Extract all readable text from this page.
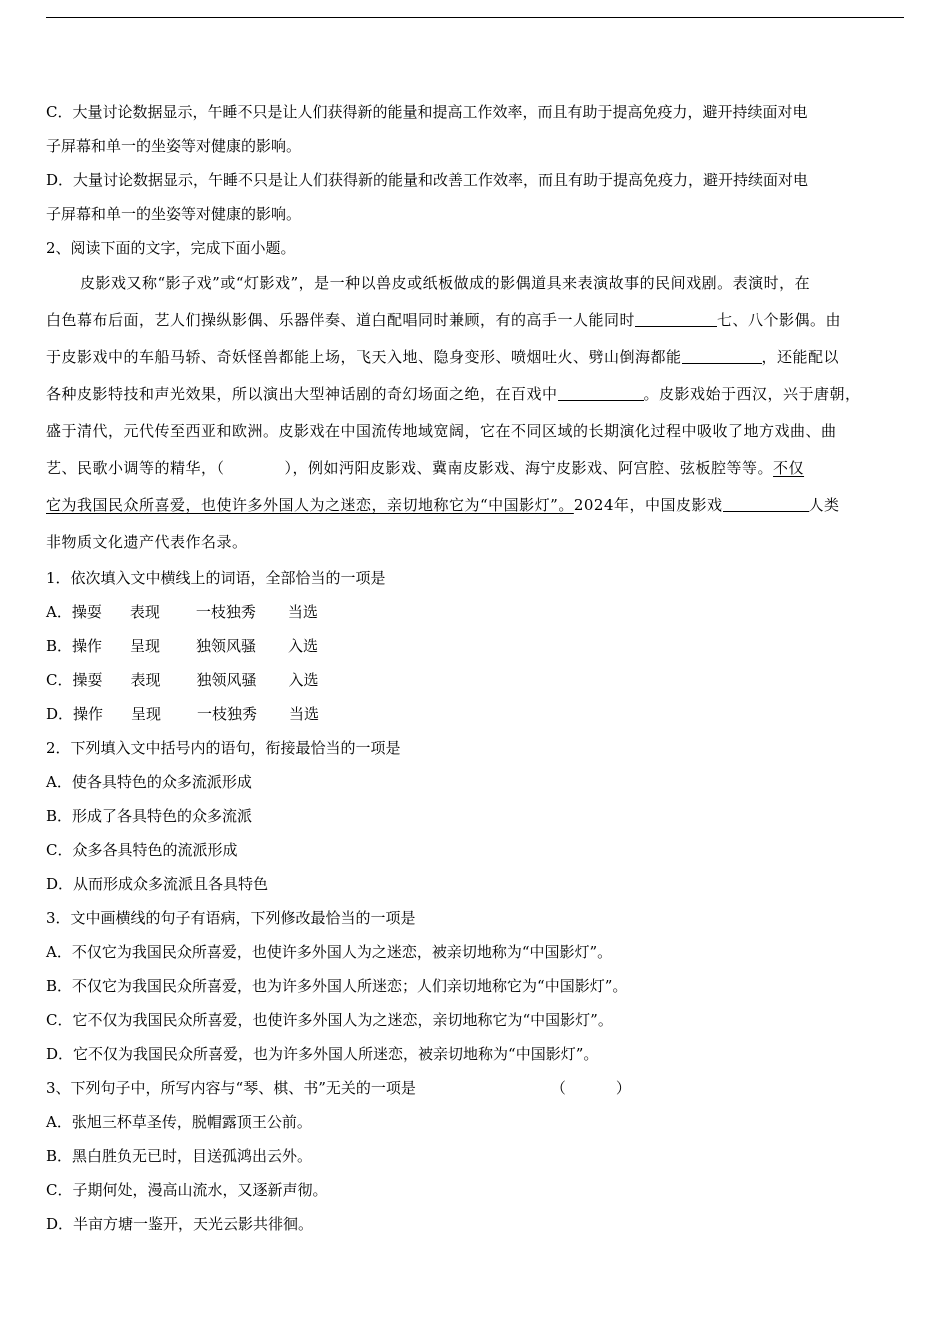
C．大量讨论数据显示，午睡不只是让人们获得新的能量和提高工作效率，而且有助于提高免疫力，避开持续面对电
子屏幕和单一的坐姿等对健康的影响。
D．大量讨论数据显示，午睡不只是让人们获得新的能量和改善工作效率，而且有助于提高免疫力，避开持续面对电
子屏幕和单一的坐姿等对健康的影响。
2、阅读下面的文字，完成下面小题。
皮影戏又称“影子戏”或“灯影戏”，是一种以兽皮或纸板做成的影偶道具来表演故事的民间戏剧。表演时，在
白色幕布后面，艺人们操纵影偶、乐器伴奏、道白配唱同时兼顾，有的高手一人能同时	七、八个影偶。由
于皮影戏中的车船马轿、奇妖怪兽都能上场，飞天入地、隐身变形、喷烟吐火、劈山倒海都能	，还能配以
各种皮影特技和声光效果，所以演出大型神话剧的奇幻场面之绝，在百戏中	。皮影戏始于西汉，兴于唐朝，
盛于清代，元代传至西亚和欧洲。皮影戏在中国流传地域宽阔，它在不同区域的长期演化过程中吸收了地方戏曲、曲
艺、民歌小调等的精华，（	），例如沔阳皮影戏、冀南皮影戏、海宁皮影戏、阿宫腔、弦板腔等等。不仅
它为我国民众所喜爱，也使许多外国人为之迷恋，亲切地称它为“中国影灯”。2024年，中国皮影戏	人类
非物质文化遗产代表作名录。
1．依次填入文中横线上的词语，全部恰当的一项是
A．操耍 表现 一枝独秀 当选
B．操作 呈现 独领风骚 入选
C．操耍 表现 独领风骚 入选
D．操作 呈现 一枝独秀 当选
2．下列填入文中括号内的语句，衔接最恰当的一项是
A．使各具特色的众多流派形成
B．形成了各具特色的众多流派
C．众多各具特色的流派形成
D．从而形成众多流派且各具特色
3．文中画横线的句子有语病，下列修改最恰当的一项是
A．不仅它为我国民众所喜爱，也使许多外国人为之迷恋，被亲切地称为“中国影灯”。
B．不仅它为我国民众所喜爱，也为许多外国人所迷恋；人们亲切地称它为“中国影灯”。
C．它不仅为我国民众所喜爱，也使许多外国人为之迷恋，亲切地称它为“中国影灯”。
D．它不仅为我国民众所喜爱，也为许多外国人所迷恋，被亲切地称为“中国影灯”。
3、下列句子中，所写内容与“琴、棋、书”无关的一项是	（	）
A．张旭三杯草圣传，脱帽露顶王公前。
B．黑白胜负无已时，目送孤鸿出云外。
C．子期何处，漫高山流水，又逐新声彻。
D．半亩方塘一鉴开，天光云影共徘徊。
